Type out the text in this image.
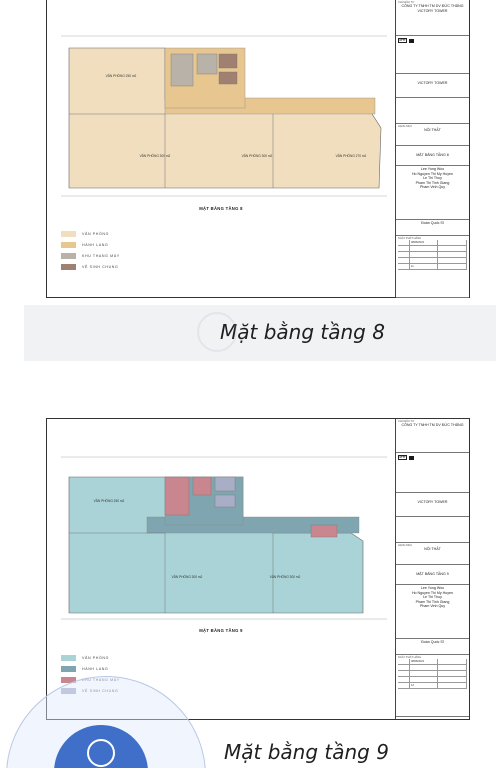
VĂN PHÒNG 250 m2
VĂN PHÒNG 300 m2	VĂN PHÒNG 300 m2	VĂN PHÒNG 270 m2
MẶT BẰNG TẦNG 8
VĂN PHÒNG
HÀNH LANG
KHU THANG MÁY
VỆ SINH CHUNG
CHỦ ĐẦU TƯ
CÔNG TY TNHH TM DV ĐỨC THẮNG
VICTORY TOWER
CTTT

VICTORY TOWER
HẠNG MỤC
NỘI THẤT
MẶT BẰNG TẦNG 8
Lee Yong Woo
Ho Nguyen Thi My Huyen
Le Thi Thuy
Pham Thi Tinh Giang
Pham Vinh Quy
Đoàn Quốc Sĩ
NGÀY PHÁT HÀNH
08/08/2023
11
Mặt bằng tầng 8
VĂN PHÒNG 250 m2
VĂN PHÒNG 300 m2	VĂN PHÒNG 300 m2
MẶT BẰNG TẦNG 9
VĂN PHÒNG
HÀNH LANG
KHU THANG MÁY
VỆ SINH CHUNG
CHỦ ĐẦU TƯ
CÔNG TY TNHH TM DV ĐỨC THẮNG
CTTT

VICTORY TOWER
HẠNG MỤC
NỘI THẤT
MẶT BẰNG TẦNG 9
Lee Yong Woo
Ho Nguyen Thi My Huyen
Le Thi Thuy
Pham Thi Tinh Giang
Pham Vinh Quy
Đoàn Quốc Sĩ
NGÀY PHÁT HÀNH
08/08/2023
12
Mặt bằng tầng 9
